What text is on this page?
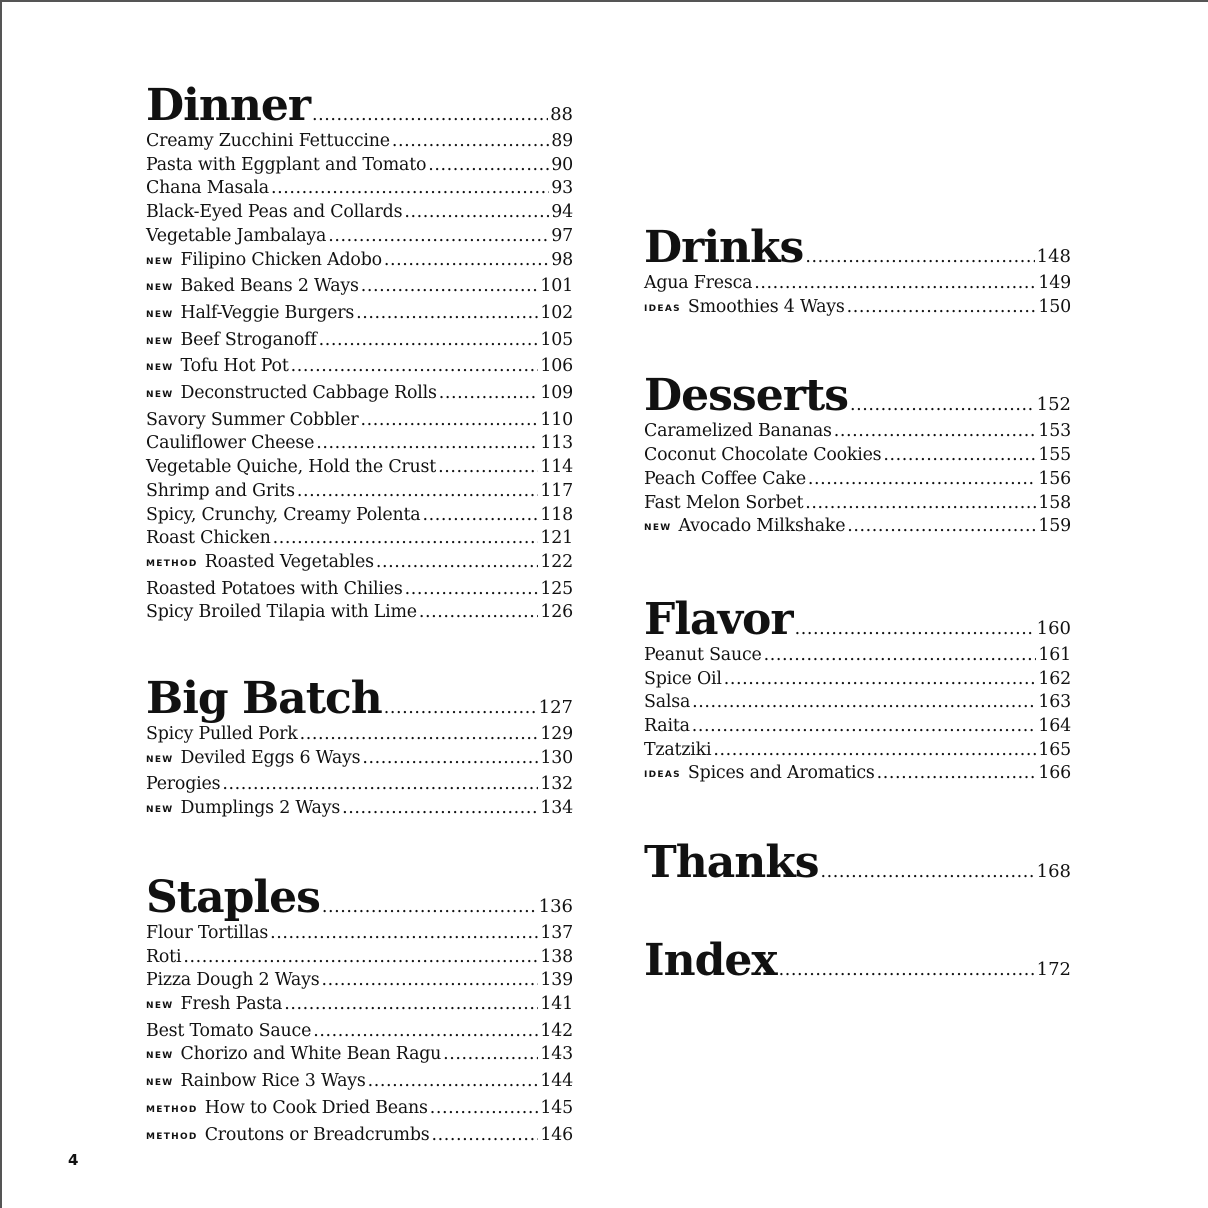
Dinner .....	88
Creamy Zucchini Fettuccine .....	89
Pasta with Eggplant and Tomato .....	90
Chana Masala .....	93
Black-Eyed Peas and Collards .....	94
Vegetable Jambalaya .....	97
NEW Filipino Chicken Adobo .....	98
NEW Baked Beans 2 Ways .....	101
NEW Half-Veggie Burgers .....	102
NEW Beef Stroganoff .....	105
NEW Tofu Hot Pot .....	106
NEW Deconstructed Cabbage Rolls .....	109
Savory Summer Cobbler .....	110
Cauliflower Cheese .....	113
Vegetable Quiche, Hold the Crust .....	114
Shrimp and Grits .....	117
Spicy, Crunchy, Creamy Polenta .....	118
Roast Chicken .....	121
METHOD Roasted Vegetables .....	122
Roasted Potatoes with Chilies .....	125
Spicy Broiled Tilapia with Lime .....	126
Big Batch .....	127
Spicy Pulled Pork .....	129
NEW Deviled Eggs 6 Ways .....	130
Perogies .....	132
NEW Dumplings 2 Ways .....	134
Staples .....	136
Flour Tortillas .....	137
Roti .....	138
Pizza Dough 2 Ways .....	139
NEW Fresh Pasta .....	141
Best Tomato Sauce .....	142
NEW Chorizo and White Bean Ragu .....	143
NEW Rainbow Rice 3 Ways .....	144
METHOD How to Cook Dried Beans .....	145
METHOD Croutons or Breadcrumbs .....	146
Drinks .....	148
Agua Fresca .....	149
IDEAS Smoothies 4 Ways .....	150
Desserts .....	152
Caramelized Bananas .....	153
Coconut Chocolate Cookies .....	155
Peach Coffee Cake .....	156
Fast Melon Sorbet .....	158
NEW Avocado Milkshake .....	159
Flavor .....	160
Peanut Sauce .....	161
Spice Oil .....	162
Salsa .....	163
Raita .....	164
Tzatziki .....	165
IDEAS Spices and Aromatics .....	166
Thanks .....	168
Index .....	172
4
